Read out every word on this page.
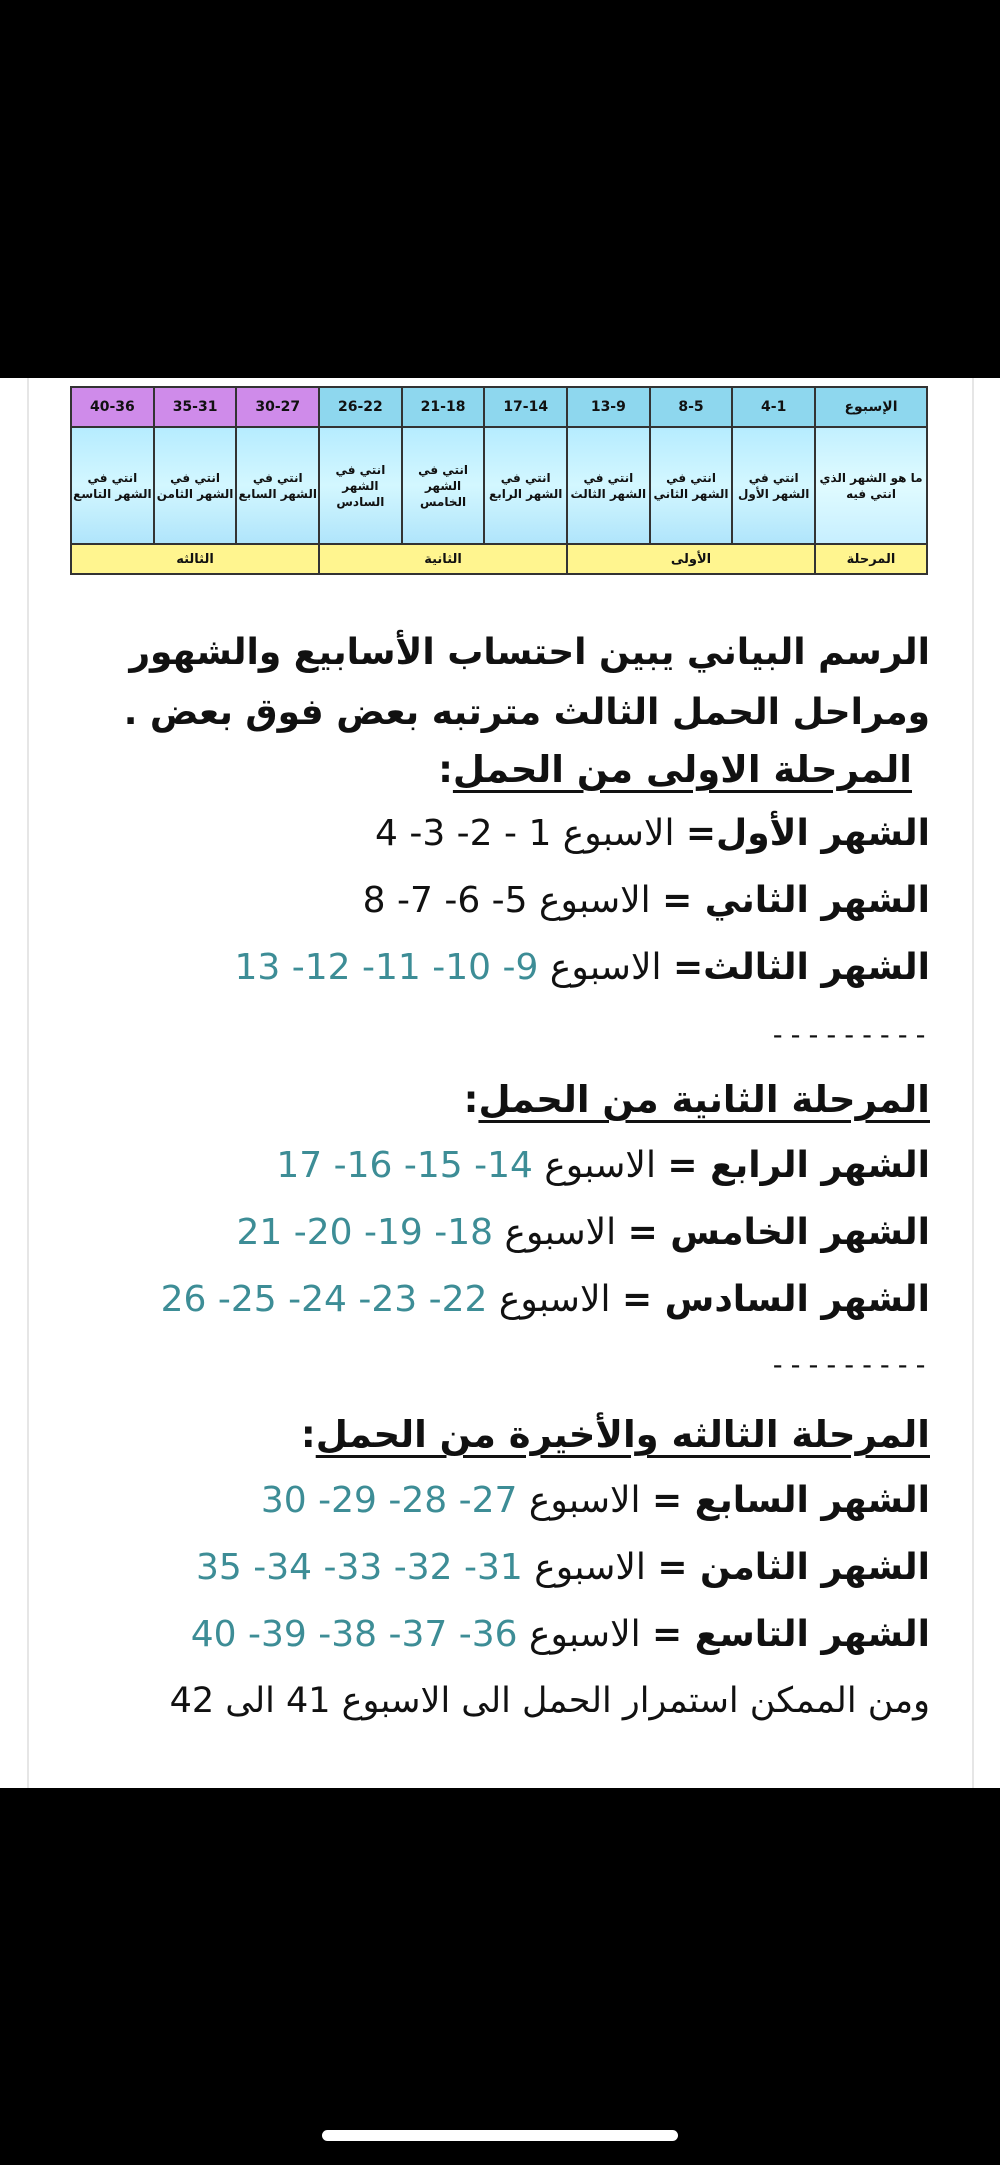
الإسبوع	4-1	8-5	13-9	17-14	21-18	26-22	30-27	35-31	40-36
ما هو الشهر الذي انتي فيه	انتي في الشهر الأول	انتي في الشهر الثاني	انتي في الشهر الثالث	انتي في الشهر الرابع	انتي في الشهر الخامس	انتي في الشهر السادس	انتي في الشهر السابع	انتي في الشهر الثامن	انتي في الشهر التاسع
المرحلة	الأولى			الثانية			الثالثه		
الرسم البياني يبين احتساب الأسابيع والشهور
ومراحل الحمل الثالث مترتبه بعض فوق بعض .
المرحلة الاولى من الحمل:
الشهر الأول= الاسبوع 1 - 2- 3- 4
الشهر الثاني = الاسبوع 5- 6- 7- 8
الشهر الثالث= الاسبوع 9- 10- 11- 12- 13
---------
المرحلة الثانية من الحمل:
الشهر الرابع = الاسبوع 14- 15- 16- 17
الشهر الخامس = الاسبوع 18- 19- 20- 21
الشهر السادس = الاسبوع 22- 23- 24- 25- 26
---------
المرحلة الثالثه والأخيرة من الحمل:
الشهر السابع = الاسبوع 27- 28- 29- 30
الشهر الثامن = الاسبوع 31- 32- 33- 34- 35
الشهر التاسع = الاسبوع 36- 37- 38- 39- 40
ومن الممكن استمرار الحمل الى الاسبوع 41 الى 42
